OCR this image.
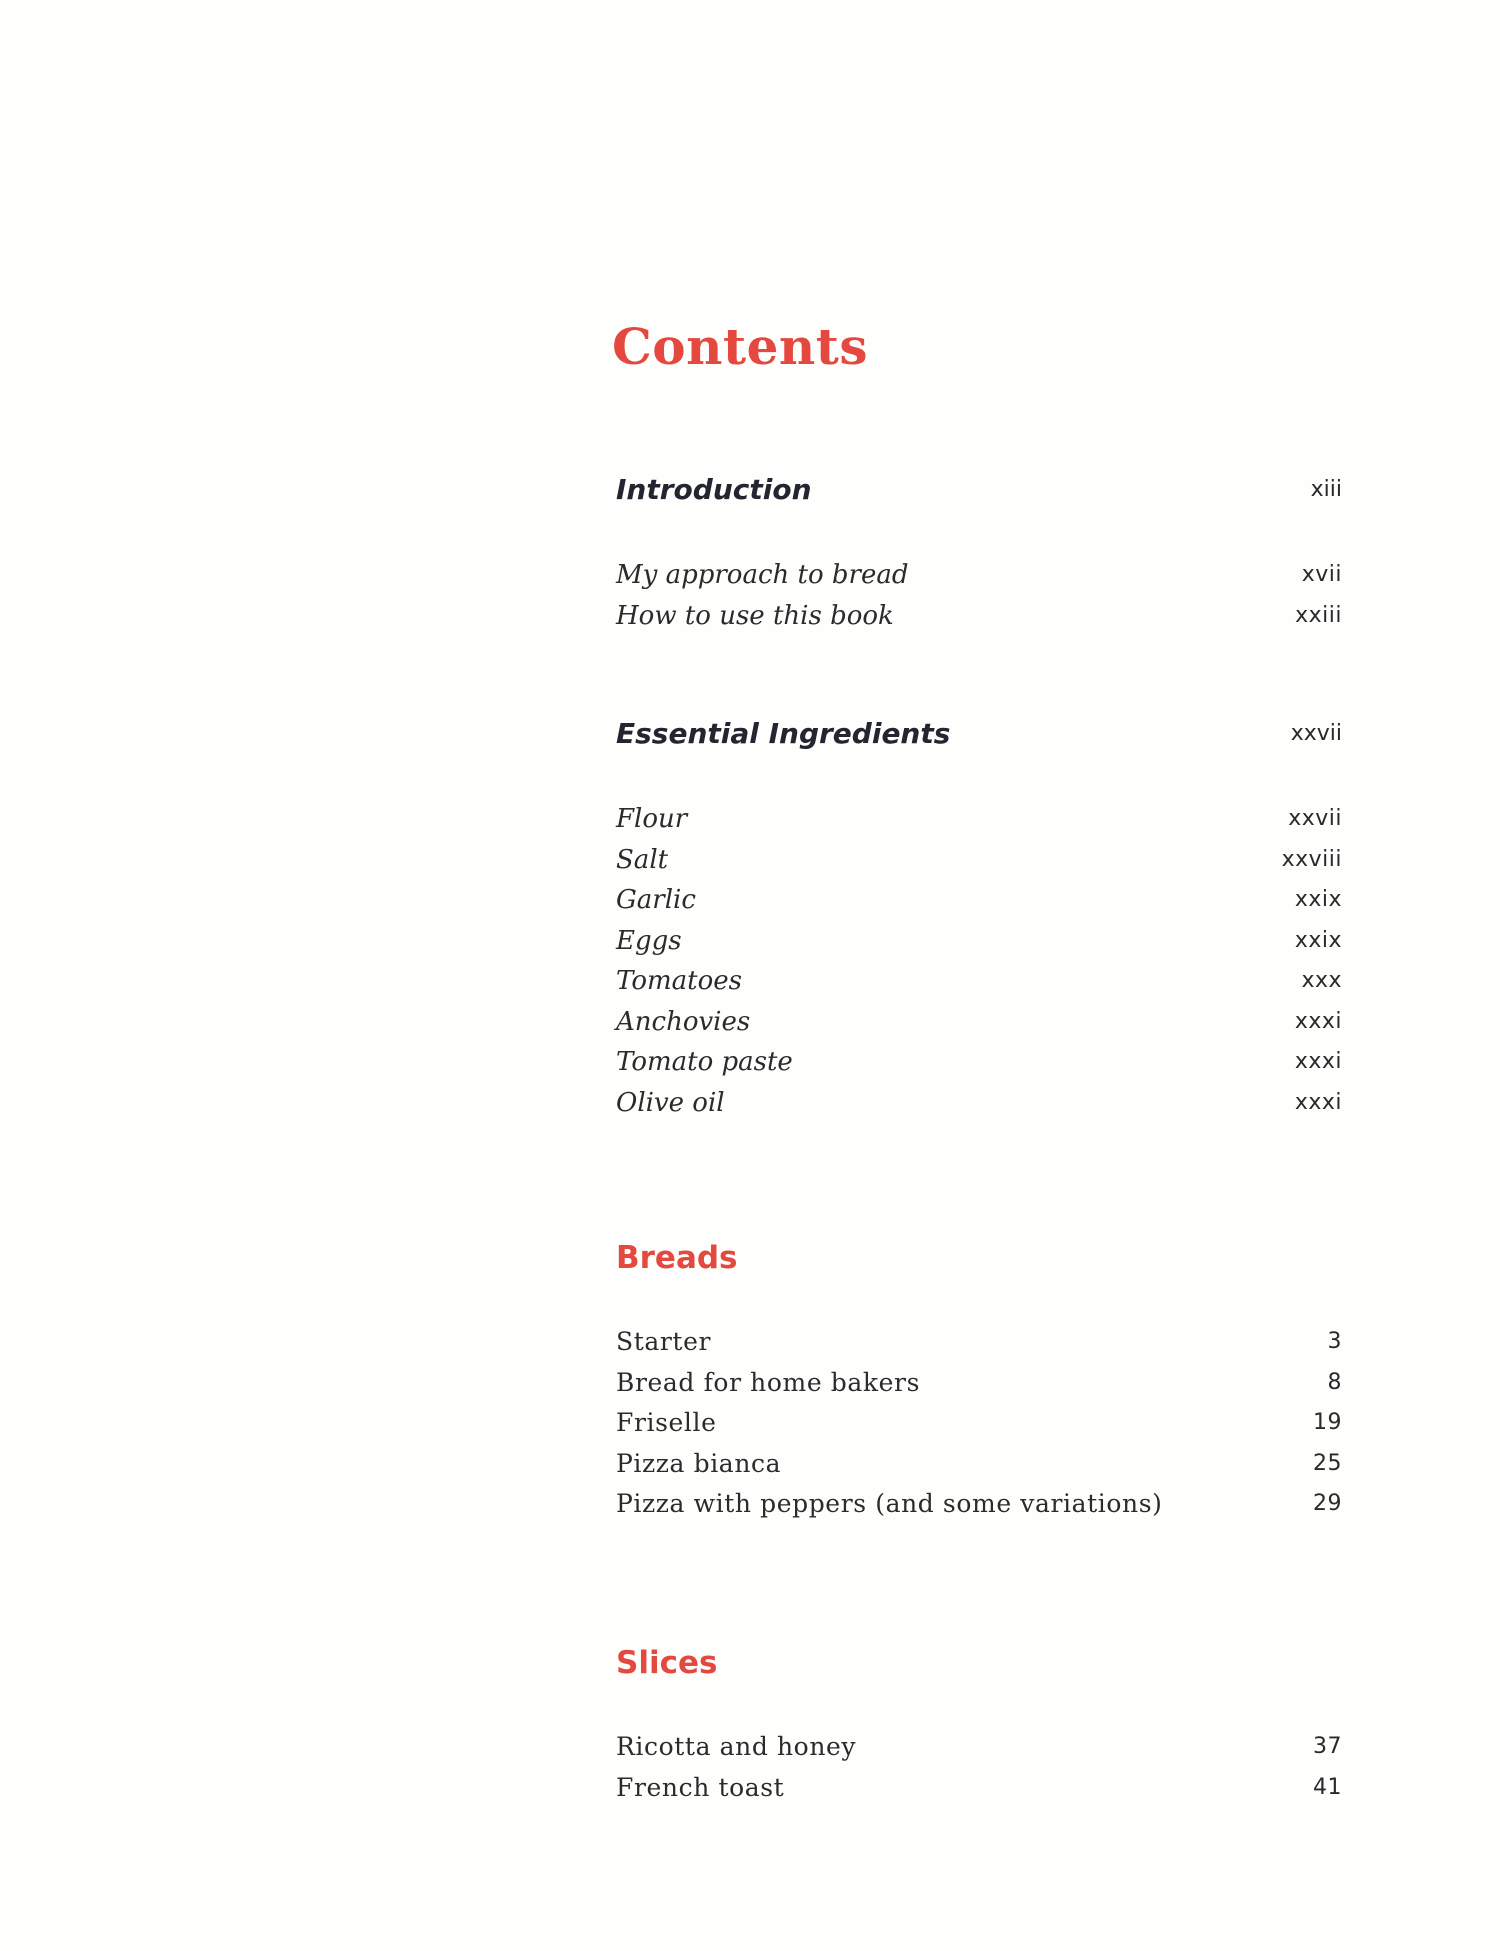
Contents
Introduction	xiii
My approach to bread	xvii
How to use this book	xxiii
Essential Ingredients	xxvii
Flour	xxvii
Salt	xxviii
Garlic	xxix
Eggs	xxix
Tomatoes	xxx
Anchovies	xxxi
Tomato paste	xxxi
Olive oil	xxxi
Breads
Starter	3
Bread for home bakers	8
Friselle	19
Pizza bianca	25
Pizza with peppers (and some variations)	29
Slices
Ricotta and honey	37
French toast	41
